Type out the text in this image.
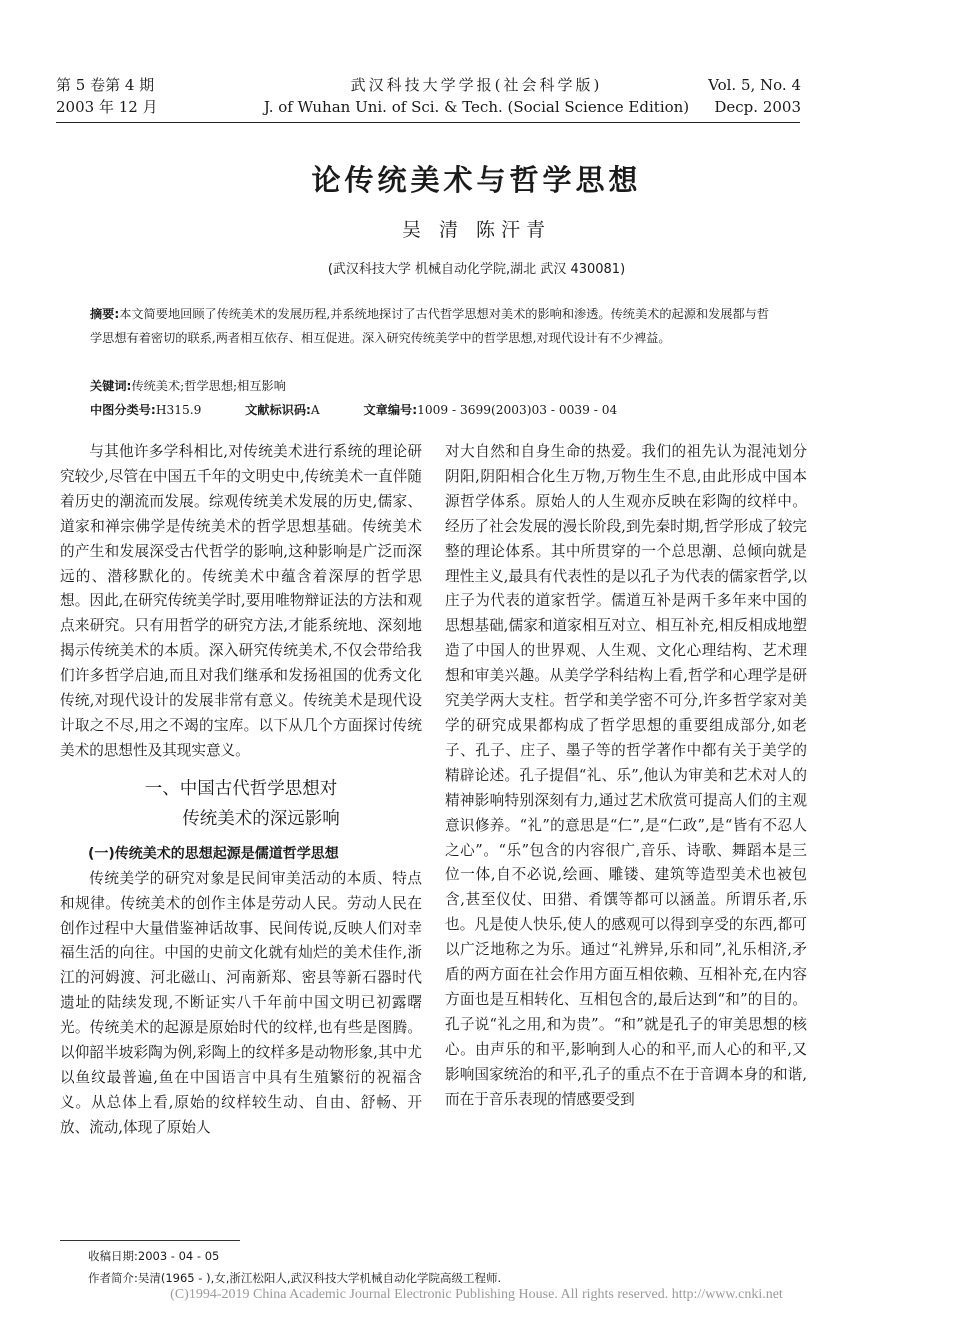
第 5 卷第 4 期
2003 年 12 月
武汉科技大学学报(社会科学版)
J. of Wuhan Uni. of Sci. & Tech. (Social Science Edition)
Vol. 5, No. 4
Decp. 2003
论传统美术与哲学思想
吴 清 陈汗青
(武汉科技大学 机械自动化学院,湖北 武汉 430081)
摘要:本文简要地回顾了传统美术的发展历程,并系统地探讨了古代哲学思想对美术的影响和渗透。传统美术的起源和发展都与哲学思想有着密切的联系,两者相互依存、相互促进。深入研究传统美学中的哲学思想,对现代设计有不少裨益。
关键词:传统美术;哲学思想;相互影响
中图分类号:H315.9	文献标识码:A	文章编号:1009 - 3699(2003)03 - 0039 - 04

与其他许多学科相比,对传统美术进行系统的理论研究较少,尽管在中国五千年的文明史中,传统美术一直伴随着历史的潮流而发展。综观传统美术发展的历史,儒家、道家和禅宗佛学是传统美术的哲学思想基础。传统美术的产生和发展深受古代哲学的影响,这种影响是广泛而深远的、潜移默化的。传统美术中蕴含着深厚的哲学思想。因此,在研究传统美学时,要用唯物辩证法的方法和观点来研究。只有用哲学的研究方法,才能系统地、深刻地揭示传统美术的本质。深入研究传统美术,不仅会带给我们许多哲学启迪,而且对我们继承和发扬祖国的优秀文化传统,对现代设计的发展非常有意义。传统美术是现代设计取之不尽,用之不竭的宝库。以下从几个方面探讨传统美术的思想性及其现实意义。

一、中国古代哲学思想对
传统美术的深远影响
(一)传统美术的思想起源是儒道哲学思想

传统美学的研究对象是民间审美活动的本质、特点和规律。传统美术的创作主体是劳动人民。劳动人民在创作过程中大量借鉴神话故事、民间传说,反映人们对幸福生活的向往。中国的史前文化就有灿烂的美术佳作,浙江的河姆渡、河北磁山、河南新郑、密县等新石器时代遗址的陆续发现,不断证实八千年前中国文明已初露曙光。传统美术的起源是原始时代的纹样,也有些是图腾。以仰韶半坡彩陶为例,彩陶上的纹样多是动物形象,其中尤以鱼纹最普遍,鱼在中国语言中具有生殖繁衍的祝福含义。从总体上看,原始的纹样较生动、自由、舒畅、开放、流动,体现了原始人

对大自然和自身生命的热爱。我们的祖先认为混沌划分阴阳,阴阳相合化生万物,万物生生不息,由此形成中国本源哲学体系。原始人的人生观亦反映在彩陶的纹样中。经历了社会发展的漫长阶段,到先秦时期,哲学形成了较完整的理论体系。其中所贯穿的一个总思潮、总倾向就是理性主义,最具有代表性的是以孔子为代表的儒家哲学,以庄子为代表的道家哲学。儒道互补是两千多年来中国的思想基础,儒家和道家相互对立、相互补充,相反相成地塑造了中国人的世界观、人生观、文化心理结构、艺术理想和审美兴趣。从美学学科结构上看,哲学和心理学是研究美学两大支柱。哲学和美学密不可分,许多哲学家对美学的研究成果都构成了哲学思想的重要组成部分,如老子、孔子、庄子、墨子等的哲学著作中都有关于美学的精辟论述。孔子提倡“礼、乐”,他认为审美和艺术对人的精神影响特别深刻有力,通过艺术欣赏可提高人们的主观意识修养。“礼”的意思是“仁”,是“仁政”,是“皆有不忍人之心”。“乐”包含的内容很广,音乐、诗歌、舞蹈本是三位一体,自不必说,绘画、雕镂、建筑等造型美术也被包含,甚至仪仗、田猎、肴馔等都可以涵盖。所谓乐者,乐也。凡是使人快乐,使人的感观可以得到享受的东西,都可以广泛地称之为乐。通过“礼辨异,乐和同”,礼乐相济,矛盾的两方面在社会作用方面互相依赖、互相补充,在内容方面也是互相转化、互相包含的,最后达到“和”的目的。孔子说“礼之用,和为贵”。“和”就是孔子的审美思想的核心。由声乐的和平,影响到人心的和平,而人心的和平,又影响国家统治的和平,孔子的重点不在于音调本身的和谐,而在于音乐表现的情感要受到

收稿日期:2003 - 04 - 05
作者简介:吴清(1965 - ),女,浙江松阳人,武汉科技大学机械自动化学院高级工程师.
(C)1994-2019 China Academic Journal Electronic Publishing House. All rights reserved. http://www.cnki.net
